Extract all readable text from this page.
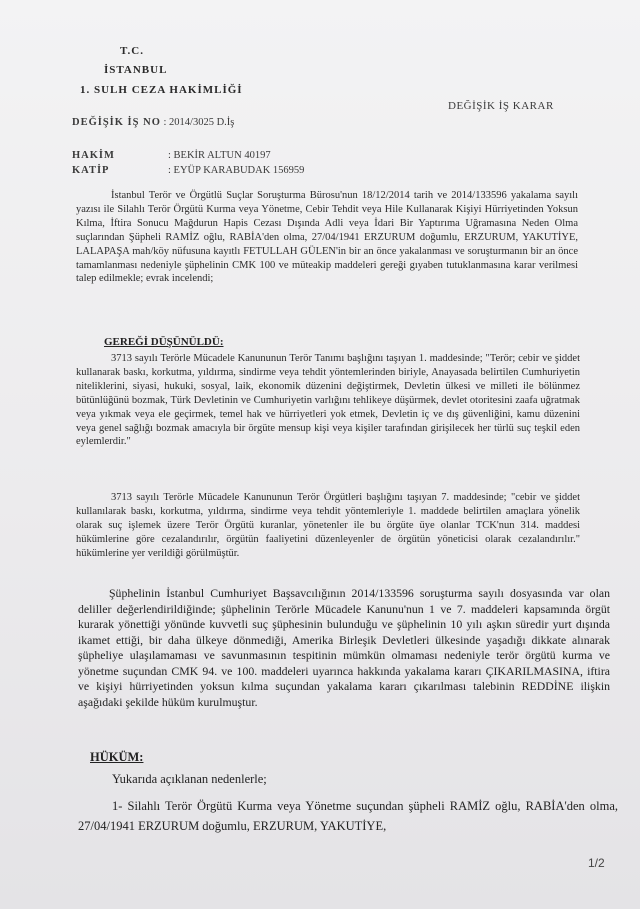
T.C.
İSTANBUL
1. SULH CEZA HAKİMLİĞİ
DEĞİŞİK İŞ KARAR
DEĞİŞİK İŞ NO : 2014/3025 D.İş
HAKİM	: BEKİR ALTUN 40197
KATİP	: EYÜP KARABUDAK 156959
İstanbul Terör ve Örgütlü Suçlar Soruşturma Bürosu'nun 18/12/2014 tarih ve 2014/133596 yakalama sayılı yazısı ile Silahlı Terör Örgütü Kurma veya Yönetme, Cebir Tehdit veya Hile Kullanarak Kişiyi Hürriyetinden Yoksun Kılma, İftira Sonucu Mağdurun Hapis Cezası Dışında Adli veya İdari Bir Yaptırıma Uğramasına Neden Olma suçlarından Şüpheli RAMİZ oğlu, RABİA'den olma, 27/04/1941 ERZURUM doğumlu, ERZURUM, YAKUTİYE, LALAPAŞA mah/köy nüfusuna kayıtlı FETULLAH GÜLEN'in bir an önce yakalanması ve soruşturmanın bir an önce tamamlanması nedeniyle şüphelinin CMK 100 ve müteakip maddeleri gereği gıyaben tutuklanmasına karar verilmesi talep edilmekle; evrak incelendi;
GEREĞİ DÜŞÜNÜLDÜ:
3713 sayılı Terörle Mücadele Kanununun Terör Tanımı başlığını taşıyan 1. maddesinde; "Terör; cebir ve şiddet kullanarak baskı, korkutma, yıldırma, sindirme veya tehdit yöntemlerinden biriyle, Anayasada belirtilen Cumhuriyetin niteliklerini, siyasi, hukuki, sosyal, laik, ekonomik düzenini değiştirmek, Devletin ülkesi ve milleti ile bölünmez bütünlüğünü bozmak, Türk Devletinin ve Cumhuriyetin varlığını tehlikeye düşürmek, devlet otoritesini zaafa uğratmak veya yıkmak veya ele geçirmek, temel hak ve hürriyetleri yok etmek, Devletin iç ve dış güvenliğini, kamu düzenini veya genel sağlığı bozmak amacıyla bir örgüte mensup kişi veya kişiler tarafından girişilecek her türlü suç teşkil eden eylemlerdir."
3713 sayılı Terörle Mücadele Kanununun Terör Örgütleri başlığını taşıyan 7. maddesinde; "cebir ve şiddet kullanılarak baskı, korkutma, yıldırma, sindirme veya tehdit yöntemleriyle 1. maddede belirtilen amaçlara yönelik olarak suç işlemek üzere Terör Örgütü kuranlar, yönetenler ile bu örgüte üye olanlar TCK'nun 314. maddesi hükümlerine göre cezalandırılır, örgütün faaliyetini düzenleyenler de örgütün yöneticisi olarak cezalandırılır." hükümlerine yer verildiği görülmüştür.
Şüphelinin İstanbul Cumhuriyet Başsavcılığının 2014/133596 soruşturma sayılı dosyasında var olan deliller değerlendirildiğinde; şüphelinin Terörle Mücadele Kanunu'nun 1 ve 7. maddeleri kapsamında örgüt kurarak yönettiği yönünde kuvvetli suç şüphesinin bulunduğu ve şüphelinin 10 yılı aşkın süredir yurt dışında ikamet ettiği, bir daha ülkeye dönmediği, Amerika Birleşik Devletleri ülkesinde yaşadığı dikkate alınarak şüpheliye ulaşılamaması ve savunmasının tespitinin mümkün olmaması nedeniyle terör örgütü kurma ve yönetme suçundan CMK 94. ve 100. maddeleri uyarınca hakkında yakalama kararı ÇIKARILMASINA, iftira ve kişiyi hürriyetinden yoksun kılma suçundan yakalama kararı çıkarılması talebinin REDDİNE ilişkin aşağıdaki şekilde hüküm kurulmuştur.
HÜKÜM:
Yukarıda açıklanan nedenlerle;
1- Silahlı Terör Örgütü Kurma veya Yönetme suçundan şüpheli RAMİZ oğlu, RABİA'den olma, 27/04/1941 ERZURUM doğumlu, ERZURUM, YAKUTİYE,
1/2
